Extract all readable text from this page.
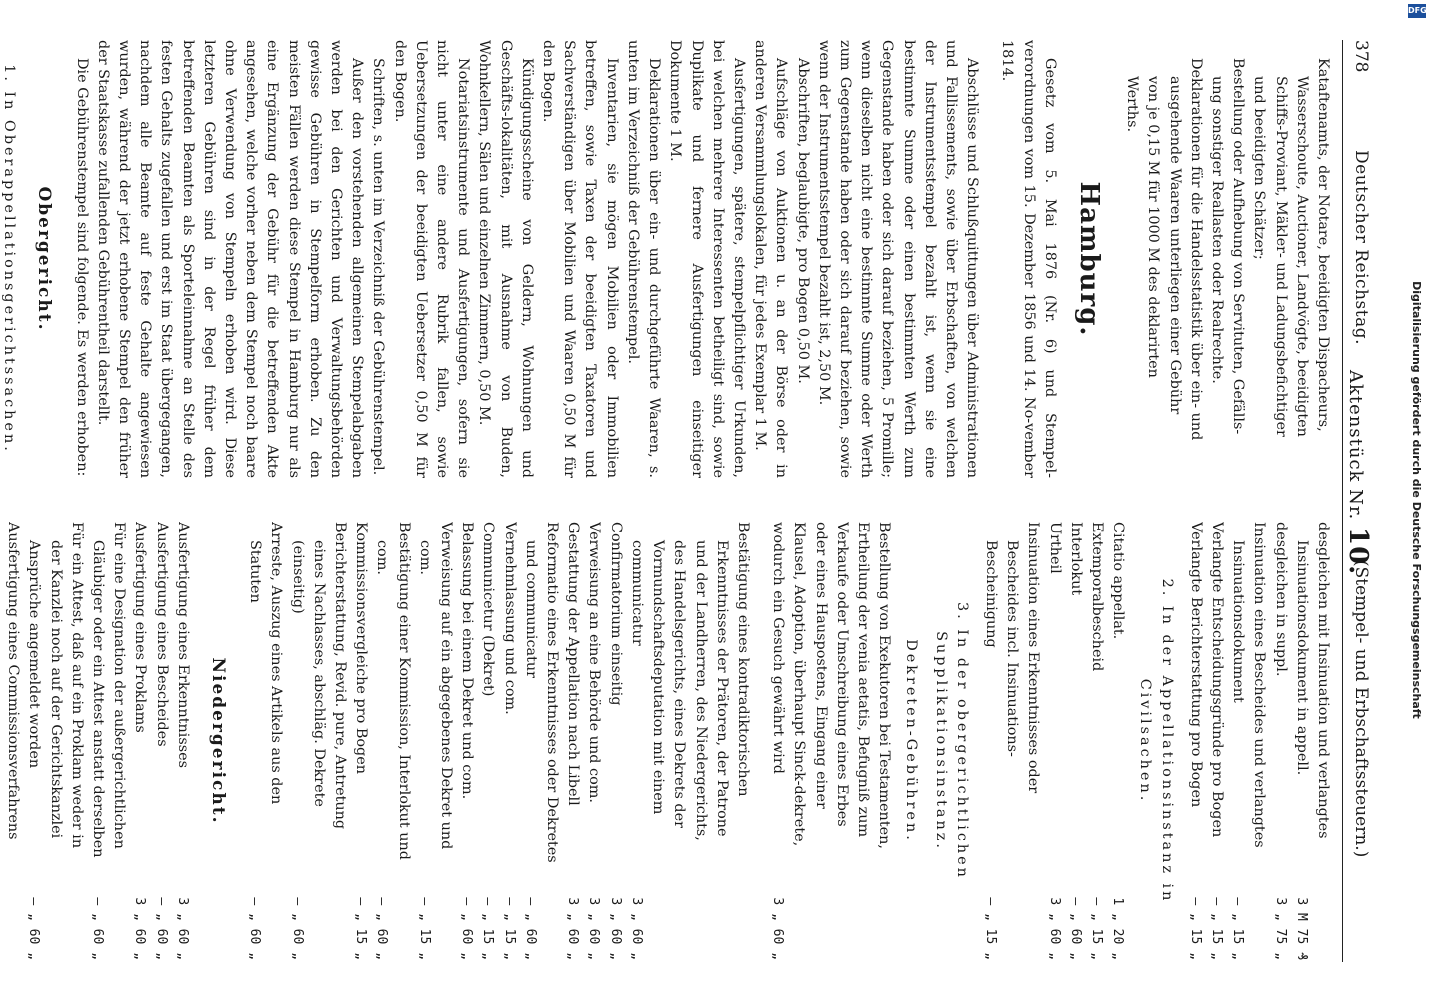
378
Deutscher Reichstag.
Aktenstück Nr. 10.
(Stempel- und Erbschaftssteuern.)
Kataftenamts, der Notare, beeidigten Dispacheurs,
Wasserschoute, Auctioner, Landvögte, beeidigten
Schiffs-Proviant, Mäkler- und Ladungsbefichtiger
und beeidigten Schätzer;
Bestellung oder Aufhebung von Servituten, Gefälls-
ung sonstiger Reallasten oder Realrechte.
Deklarationen für die Handelsstatistik über ein- und
ausgehende Waaren unterliegen einer Gebühr
von je 0,15 M für 1000 M des deklarirten
Werths.
Hamburg.

Gesetz vom 5. Mai 1876 (Nr. 6) und Stempel-verordnungen vom 15. Dezember 1856 und 14. No-vember 1814.

Abschlüsse und Schlußquittungen über Administrationen und Fallissements, sowie über Erbschaften, von welchen der Instrumentsstempel bezahlt ist, wenn sie eine bestimmte Summe oder einen bestimmten Werth zum Gegenstande haben oder sich darauf beziehen, 5 Promille; wenn dieselben nicht eine bestimmte Summe oder Werth zum Gegenstande haben oder sich darauf beziehen, sowie wenn der Instrumentsstempel bezahlt ist, 2,50 M.

Abschriften, beglaubigte, pro Bogen 0,50 M.

Aufschläge von Auktionen u. an der Börse oder in anderen Versammlungslokalen, für jedes Exemplar 1 M.

Ausfertigungen, spätere, stempelpflichtiger Urkunden, bei welchen mehrere Interessenten betheiligt sind, sowie Duplikate und fernere Ausfertigungen einseitiger Dokumente 1 M.

Deklarationen über ein- und durchgeführte Waaren, s. unten im Verzeichniß der Gebührenstempel.

Inventarien, sie mögen Mobilien oder Immobilien betreffen, sowie Taxen der beeidigten Taxatoren und Sachverständigen über Mobilien und Waaren 0,50 M für den Bogen.

Kündigungsscheine von Geldern, Wohnungen und Geschäfts-lokalitäten, mit Ausnahme von Buden, Wohnkellern, Sälen und einzelnen Zimmern, 0,50 M.

Notariatsinstrumente und Ausfertigungen, sofern sie nicht unter eine andere Rubrik fallen, sowie Uebersetzungen der beeidigten Uebersetzer 0,50 M für den Bogen.

Schriften, s. unten im Verzeichniß der Gebührenstempel.

Außer den vorstehenden allgemeinen Stempelabgaben werden bei den Gerichten und Verwaltungsbehörden gewisse Gebühren in Stempelform erhoben. Zu den meisten Fällen werden diese Stempel in Hamburg nur als eine Ergänzung der Gebühr für die betreffenden Akte angesehen, welche vorher neben dem Stempel noch baare ohne Verwendung von Stempeln erhoben wird. Diese letzteren Gebühren sind in der Regel früher dem betreffenden Beamten als Sporteleinnahme an Stelle des festen Gehalts zugefallen und erst im Staat übergegangen, nachdem alle Beamte auf feste Gehalte angewiesen wurden, während der jetzt erhobene Stempel den früher der Staatskasse zufallenden Gebührentheil darstellt.

Die Gebührenstempel sind folgende. Es werden erhoben:

Obergericht.
1. In Oberappellationsgerichtssachen.
desgleichen mit Insinuation und verlangtes Insinuationsdokument in appell.
3 M 75 ₰
desgleichen in suppl.
3 „ 75 „
Insinuation eines Bescheides und verlangtes Insinuationsdokument
— „ 15 „
Verlangte Entscheidungsgründe pro Bogen
— „ 15 „
Verlangte Berichterstattung pro Bogen
— „ 15 „
2. In der Appellationsinstanz in Civilsachen.
Citatio appellat.
1 „ 20 „
Extemporalbescheid
— „ 15 „
Interlokut
— „ 60 „
Urtheil
3 „ 60 „
Insinuation eines Erkenntnisses oder Bescheides incl. Insinuations-Bescheinigung
— „ 15 „
3. In der obergerichtlichen Supplikationsinstanz.
Dekreten-Gebühren.
Bestellung von Exekutoren bei Testamenten, Ertheilung der venia aetatis, Befugniß zum Verkaufe oder Umschreibung eines Erbes oder eines Hauspostens, Eingang einer Klausel, Adoption, überhaupt Sinck-dekrete, wodurch ein Gesuch gewährt wird
3 „ 60 „
Bestätigung eines kontradiktorischen Erkenntnisses der Prätoren, der Patrone und der Landherren, des Niedergerichts, des Handelsgerichts, eines Dekrets der Vormundschaftsdeputation mit einem communicatur
3 „ 60 „
Confirmatorium einseitig
3 „ 60 „
Verweisung an eine Behörde und com.
3 „ 60 „
Gestattung der Appellation nach Libell
3 „ 60 „
Reformatio eines Erkenntnisses oder Dekretes und communicatur
— „ 60 „
Vernehmlassung und com.
— „ 15 „
Communicetur (Dekret)
— „ 15 „
Belassung bei einem Dekret und com.
— „ 60 „
Verweisung auf ein abgegebenes Dekret und com.
— „ 15 „
Bestätigung einer Kommission, Interlokut und com.
— „ 60 „
Kommissionsvergleiche pro Bogen
— „ 15 „
Berichterstattung, Revid. pure, Antretung eines Nachlasses, abschläg. Dekrete (einseitig)
— „ 60 „
Arreste, Auszug eines Artikels aus den Statuten
— „ 60 „
Niedergericht.
Ausfertigung eines Erkenntnisses
3 „ 60 „
Ausfertigung eines Bescheides
— „ 60 „
Ausfertigung eines Proklams
3 „ 60 „
Für eine Designation der außergerichtlichen Gläubiger oder ein Attest anstatt derselben
— „ 60 „
Für ein Attest, daß auf ein Proklam weder in der Kanzlei noch auf der Gerichtskanzlei Ansprüche angemeldet worden
— „ 60 „
Ausfertigung eines Commissionsverfahrens
Digitalisierung gefördert durch die Deutsche Forschungsgemeinschaft
DFG
